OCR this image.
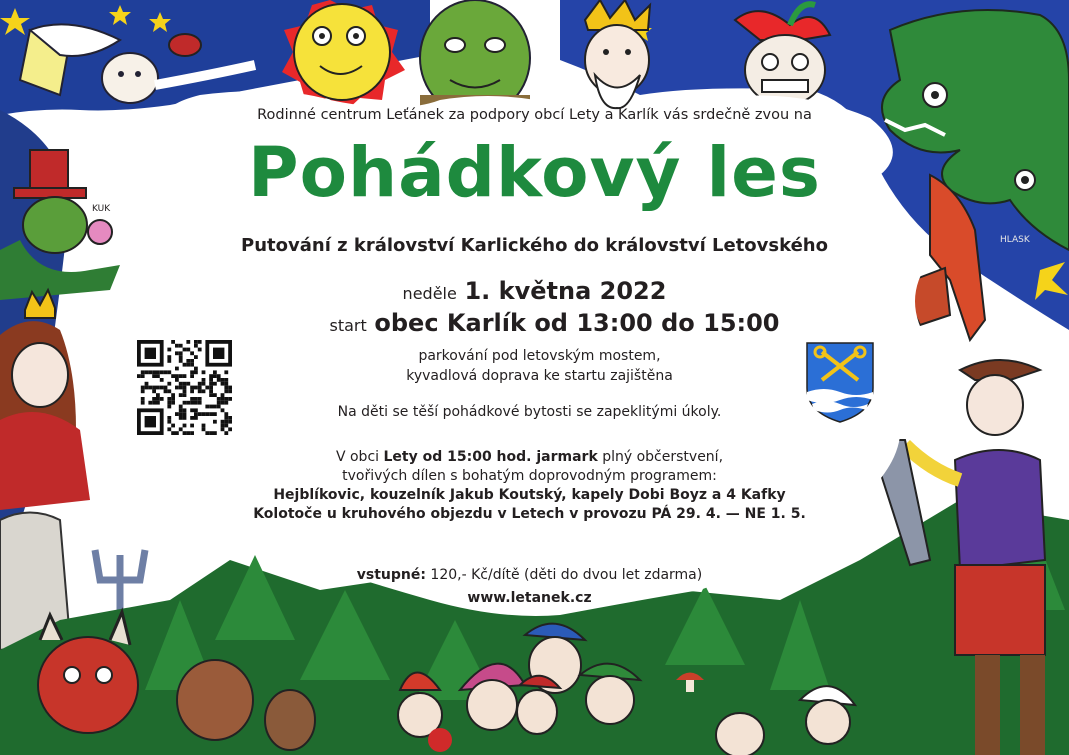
Rodinné centrum Leťánek za podpory obcí Lety a Karlík vás srdečně zvou na
Pohádkový les
Putování z království Karlického do království Letovského
neděle 1. května 2022
start obec Karlík od 13:00 do 15:00
parkování pod letovským mostem,
kyvadlová doprava ke startu zajištěna
Na děti se těší pohádkové bytosti se zapeklitými úkoly.
V obci Lety od 15:00 hod. jarmark plný občerstvení,
tvořivých dílen s bohatým doprovodným programem:
Hejblíkovic, kouzelník Jakub Koutský, kapely Dobi Boyz a 4 Kafky
Kolotoče u kruhového objezdu v Letech v provozu PÁ 29. 4. — NE 1. 5.
vstupné: 120,- Kč/dítě (děti do dvou let zdarma)
www.letanek.cz
KUK
HLASK
